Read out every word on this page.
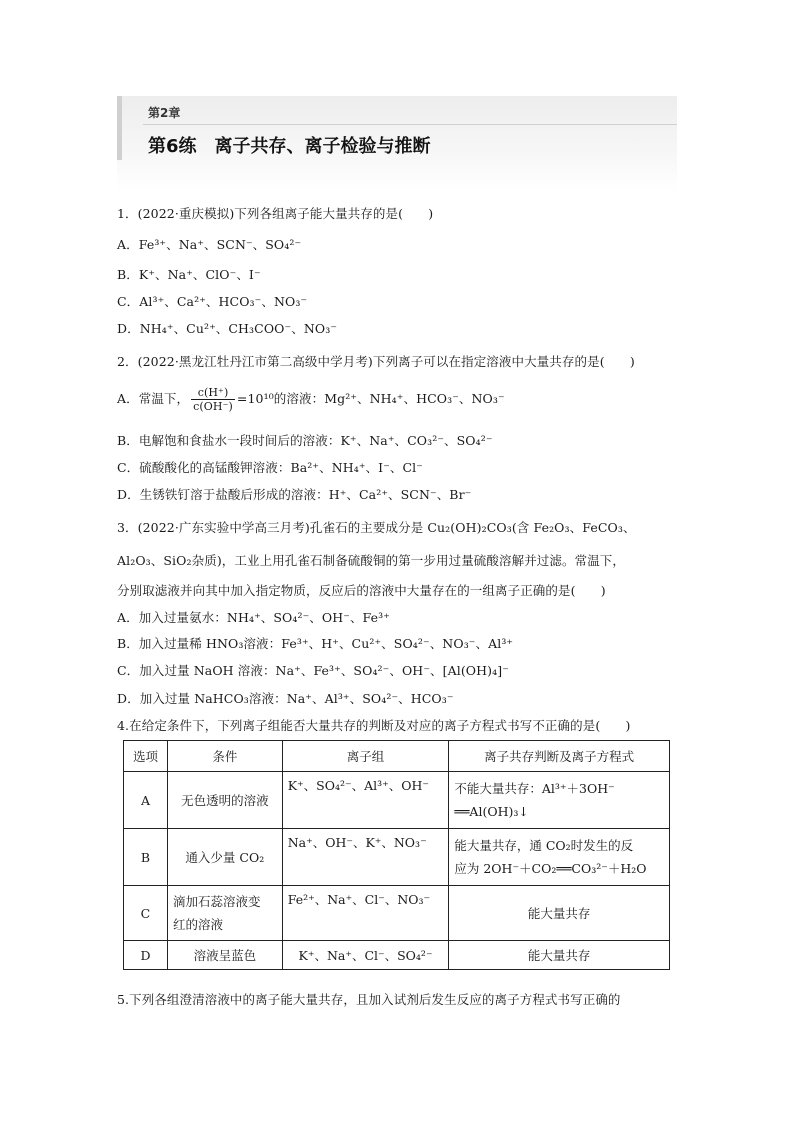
第2章
第6练　离子共存、离子检验与推断
1．(2022·重庆模拟)下列各组离子能大量共存的是(　　)
A．Fe³⁺、Na⁺、SCN⁻、SO₄²⁻
B．K⁺、Na⁺、ClO⁻、I⁻
C．Al³⁺、Ca²⁺、HCO₃⁻、NO₃⁻
D．NH₄⁺、Cu²⁺、CH₃COO⁻、NO₃⁻
2．(2022·黑龙江牡丹江市第二高级中学月考)下列离子可以在指定溶液中大量共存的是(　　)
A．常温下， $\frac{c(H^+)}{c(OH^-)} =10^{10}$的溶液：Mg²⁺、NH₄⁺、HCO₃⁻、NO₃⁻
B．电解饱和食盐水一段时间后的溶液：K⁺、Na⁺、CO₃²⁻、SO₄²⁻
C．硫酸酸化的高锰酸钾溶液：Ba²⁺、NH₄⁺、I⁻、Cl⁻
D．生锈铁钉溶于盐酸后形成的溶液：H⁺、Ca²⁺、SCN⁻、Br⁻
3．(2022·广东实验中学高三月考)孔雀石的主要成分是 Cu₂(OH)₂CO₃(含 Fe₂O₃、FeCO₃、
Al₂O₃、SiO₂杂质)，工业上用孔雀石制备硫酸铜的第一步用过量硫酸溶解并过滤。常温下，
分别取滤液并向其中加入指定物质，反应后的溶液中大量存在的一组离子正确的是(　　)
A．加入过量氨水：NH₄⁺、SO₄²⁻、OH⁻、Fe³⁺
B．加入过量稀 HNO₃溶液：Fe³⁺、H⁺、Cu²⁺、SO₄²⁻、NO₃⁻、Al³⁺
C．加入过量 NaOH 溶液：Na⁺、Fe³⁺、SO₄²⁻、OH⁻、[Al(OH)₄]⁻
D．加入过量 NaHCO₃溶液：Na⁺、Al³⁺、SO₄²⁻、HCO₃⁻
4.在给定条件下，下列离子组能否大量共存的判断及对应的离子方程式书写不正确的是(　　)
选项	条件	离子组	离子共存判断及离子方程式
A	无色透明的溶液	K⁺、SO₄²⁻、Al³⁺、OH⁻	不能大量共存：Al³⁺＋3OH⁻
══Al(OH)₃↓

B	通入少量 CO₂	Na⁺、OH⁻、K⁺、NO₃⁻	能大量共存，通 CO₂时发生的反
应为 2OH⁻＋CO₂══CO₃²⁻＋H₂O

C	滴加石蕊溶液变
红的溶液	Fe²⁺、Na⁺、Cl⁻、NO₃⁻	能大量共存
D	溶液呈蓝色	K⁺、Na⁺、Cl⁻、SO₄²⁻	能大量共存
5.下列各组澄清溶液中的离子能大量共存，且加入试剂后发生反应的离子方程式书写正确的
